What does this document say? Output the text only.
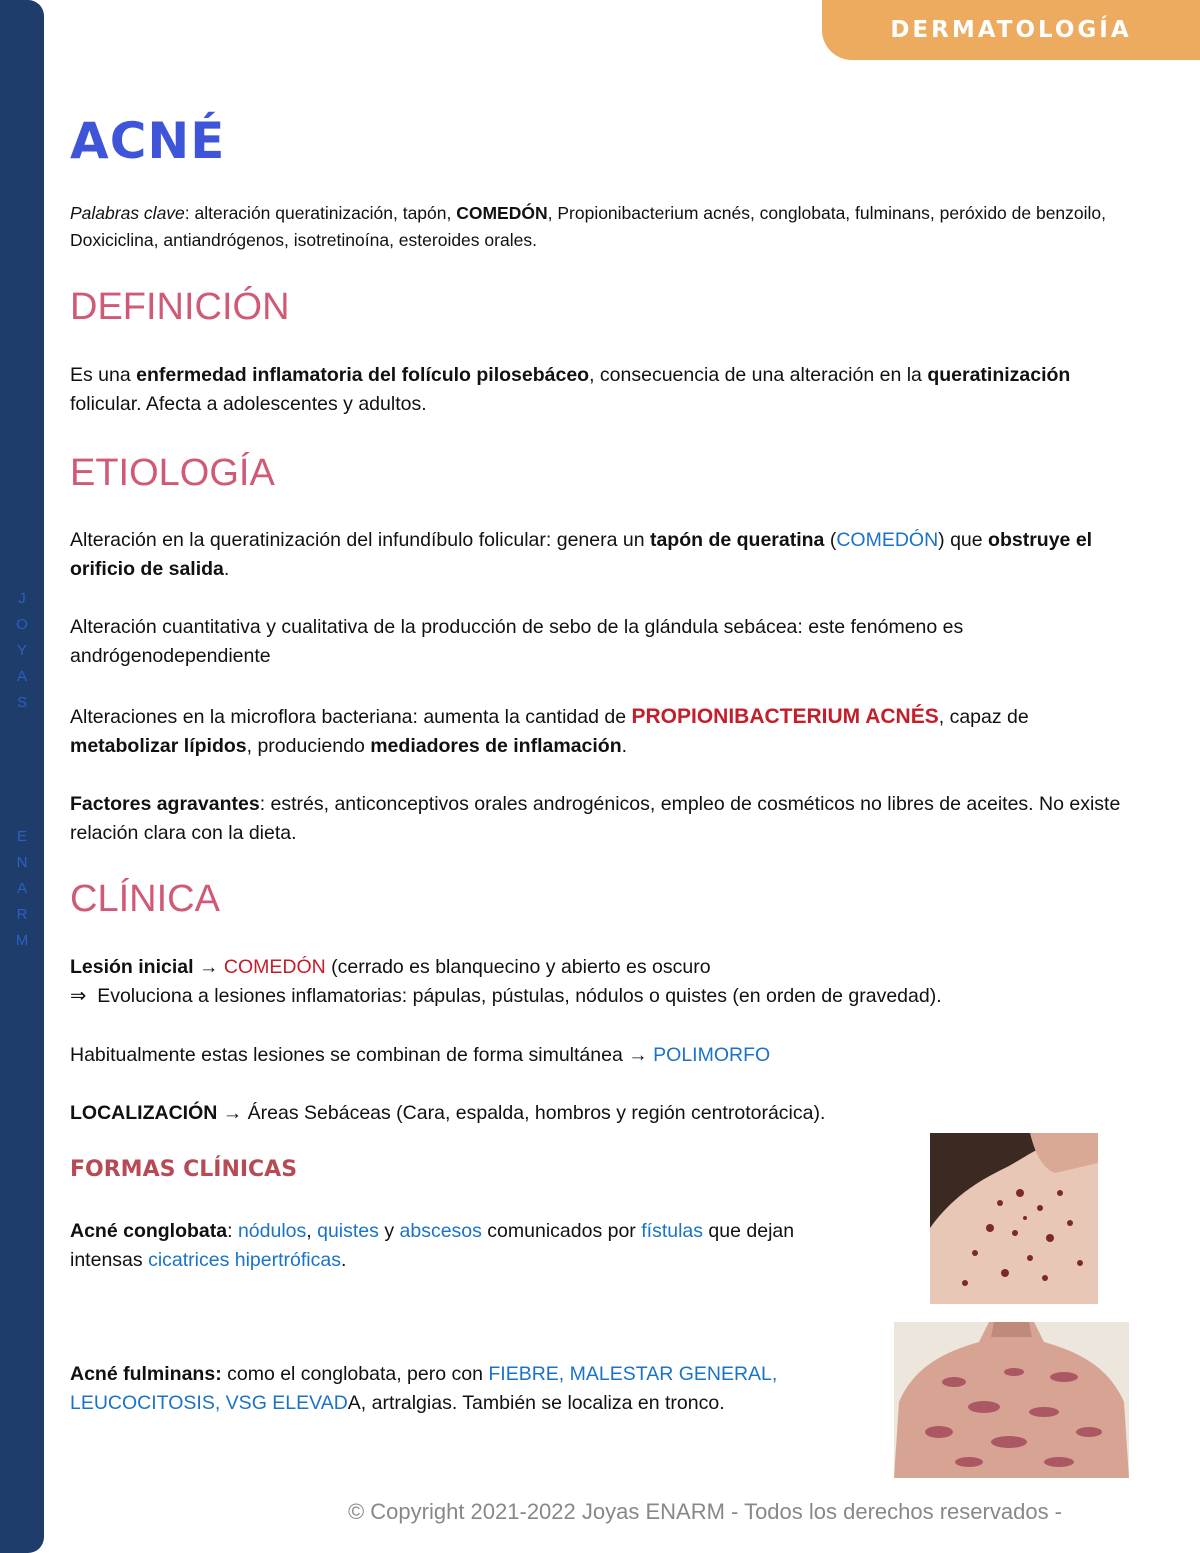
J
O
Y
A
S
E
N
A
R
M
DERMATOLOGÍA
ACNÉ

Palabras clave: alteración queratinización, tapón, COMEDÓN, Propionibacterium acnés, conglobata, fulminans, peróxido de benzoilo, Doxiciclina, antiandrógenos, isotretinoína, esteroides orales.

DEFINICIÓN

Es una enfermedad inflamatoria del folículo pilosebáceo, consecuencia de una alteración en la queratinización folicular. Afecta a adolescentes y adultos.

ETIOLOGÍA

Alteración en la queratinización del infundíbulo folicular: genera un tapón de queratina (COMEDÓN) que obstruye el orificio de salida.

Alteración cuantitativa y cualitativa de la producción de sebo de la glándula sebácea: este fenómeno es andrógenodependiente

Alteraciones en la microflora bacteriana: aumenta la cantidad de PROPIONIBACTERIUM ACNÉS, capaz de metabolizar lípidos, produciendo mediadores de inflamación.

Factores agravantes: estrés, anticonceptivos orales androgénicos, empleo de cosméticos no libres de aceites. No existe relación clara con la dieta.

CLÍNICA

Lesión inicial → COMEDÓN (cerrado es blanquecino y abierto es oscuro
⇒ Evoluciona a lesiones inflamatorias: pápulas, pústulas, nódulos o quistes (en orden de gravedad).

Habitualmente estas lesiones se combinan de forma simultánea → POLIMORFO

LOCALIZACIÓN → Áreas Sebáceas (Cara, espalda, hombros y región centrotorácica).

FORMAS CLÍNICAS

Acné conglobata: nódulos, quistes y abscesos comunicados por fístulas que dejan intensas cicatrices hipertróficas.

Acné fulminans: como el conglobata, pero con FIEBRE, MALESTAR GENERAL, LEUCOCITOSIS, VSG ELEVADA, artralgias. También se localiza en tronco.

© Copyright 2021-2022 Joyas ENARM - Todos los derechos reservados -
